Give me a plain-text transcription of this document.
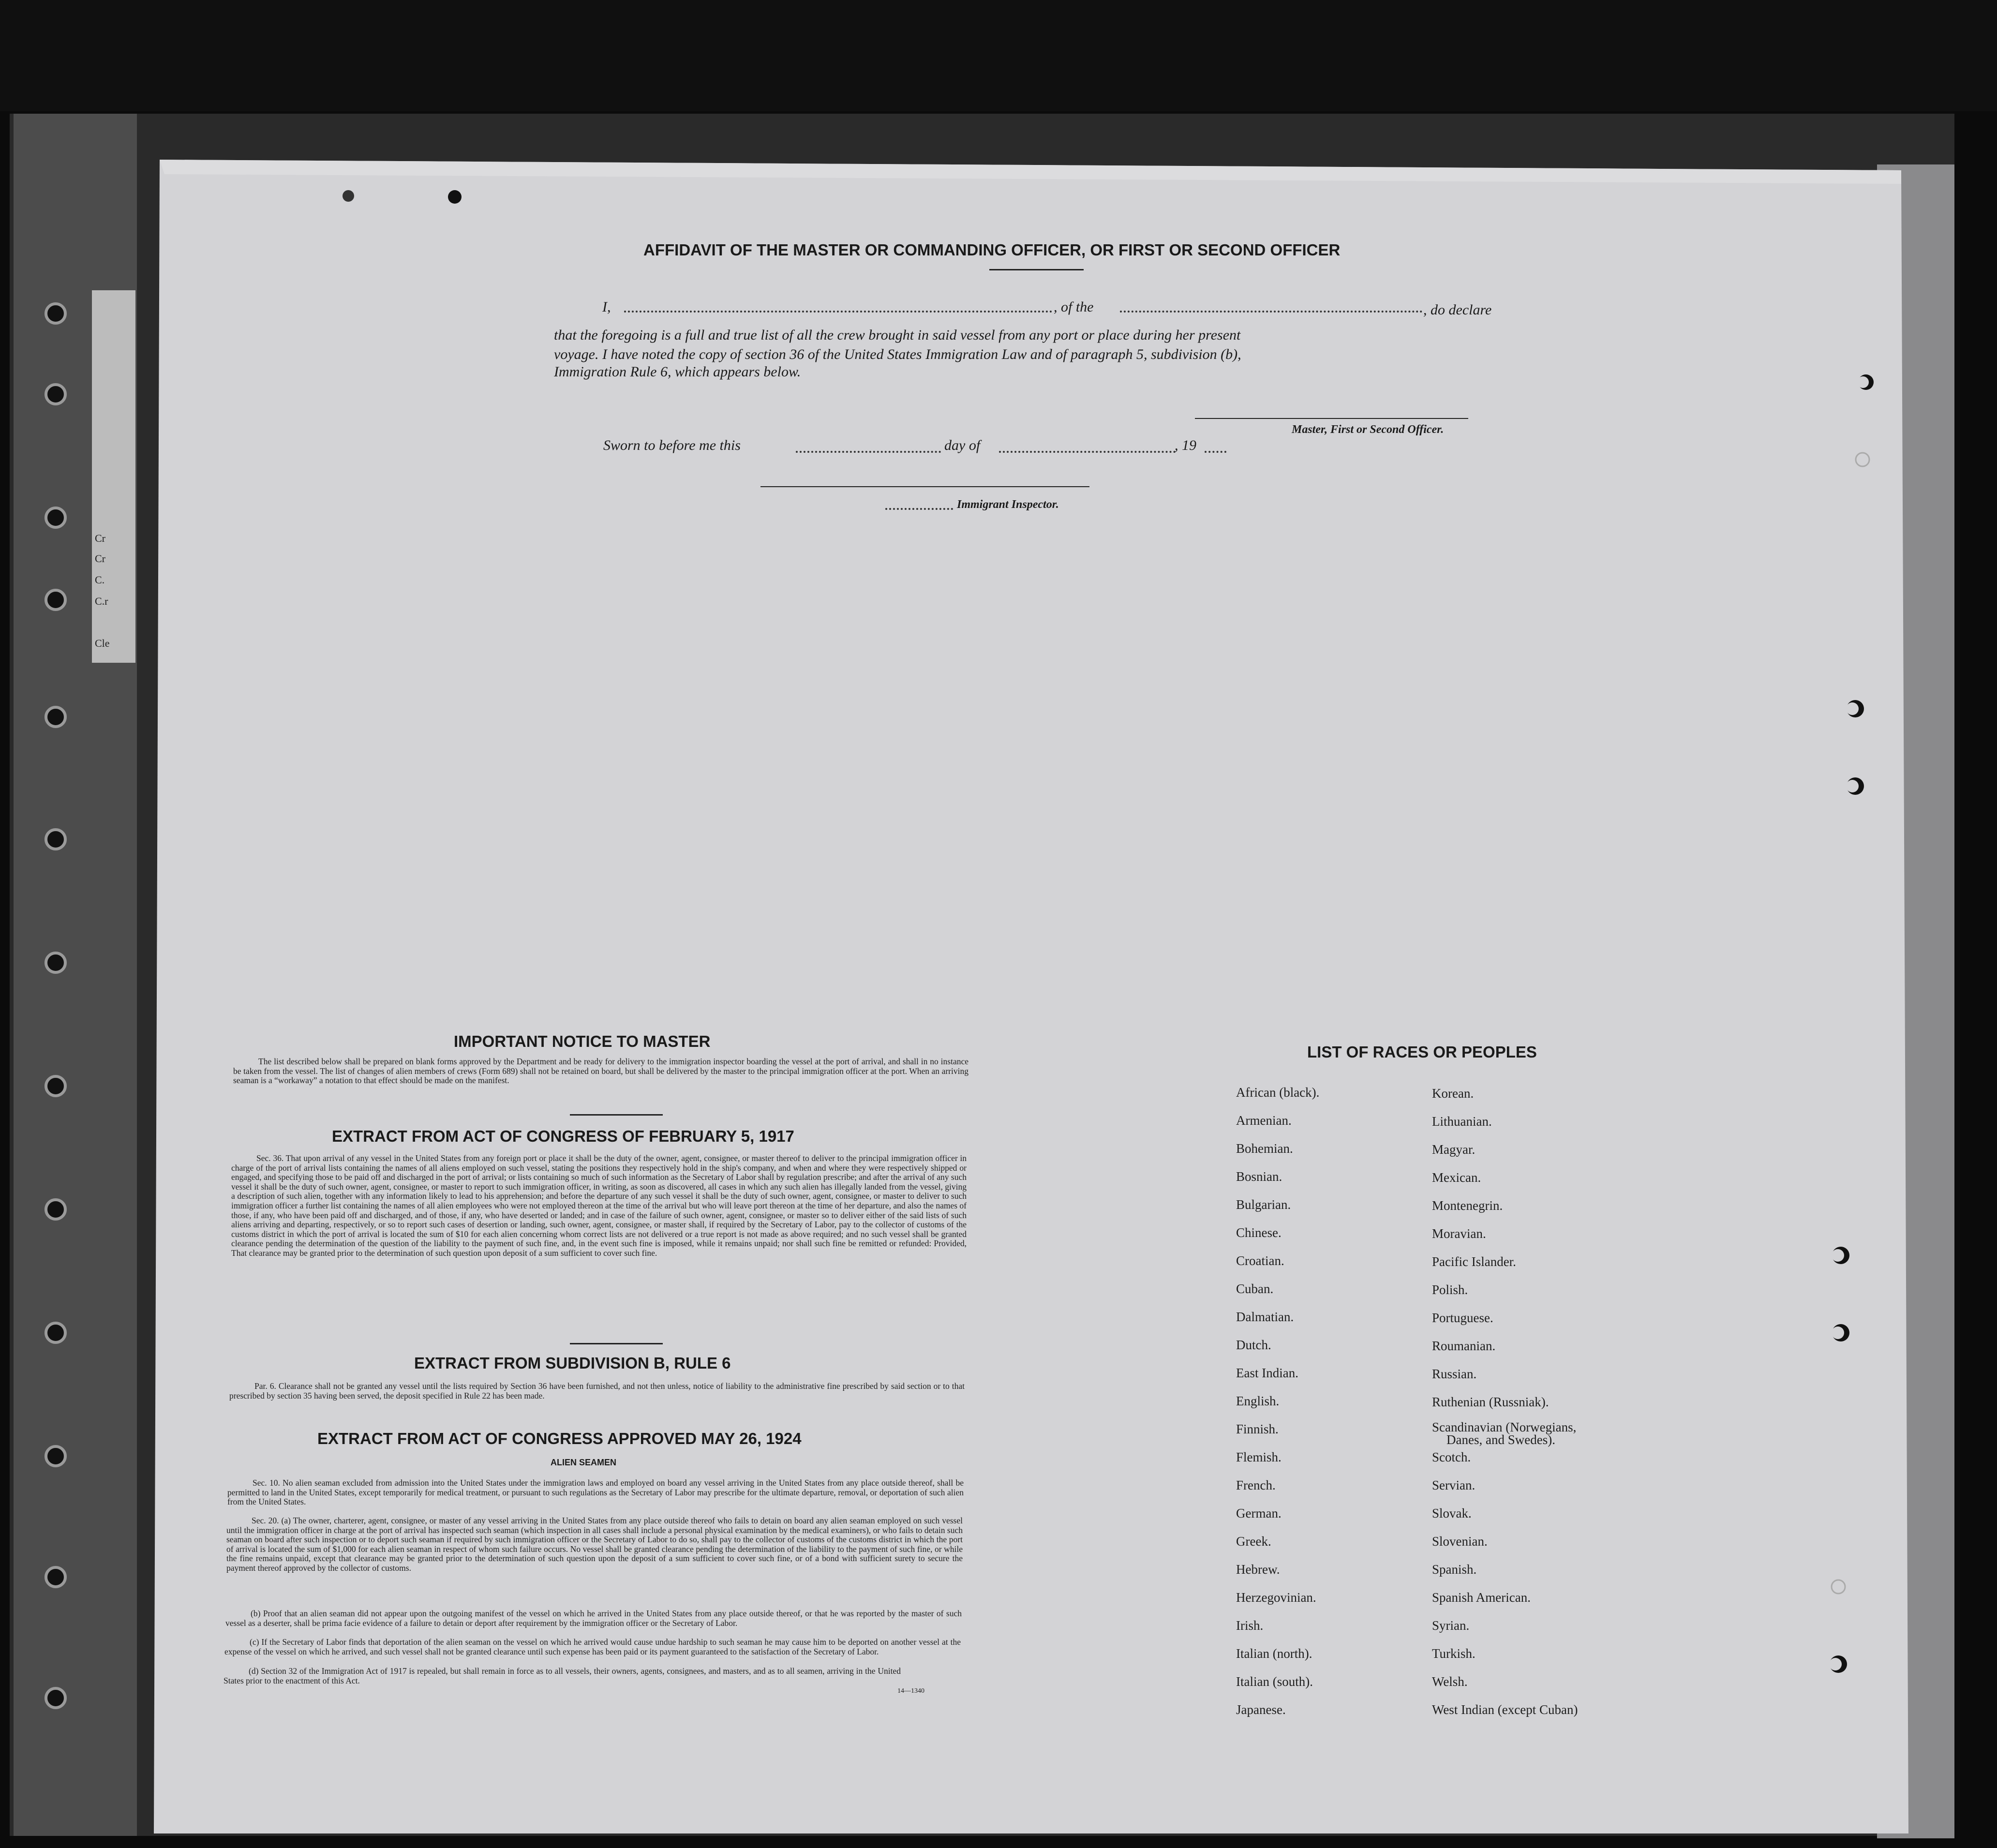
Cr
Cr
C.
C.r
Cle
AFFIDAVIT OF THE MASTER OR COMMANDING OFFICER, OR FIRST OR SECOND OFFICER
I,	, of the	, do declare
that the foregoing is a full and true list of all the crew brought in said vessel from any port or place during her present
voyage. I have noted the copy of section 36 of the United States Immigration Law and of paragraph 5, subdivision (b),
Immigration Rule 6, which appears below.
Master, First or Second Officer.
Sworn to before me this	day of	, 19
Immigrant Inspector.
IMPORTANT NOTICE TO MASTER
The list described below shall be prepared on blank forms approved by the Department and be ready for delivery to the immigration inspector boarding the vessel at the port of arrival, and shall in no instance be taken from the vessel. The list of changes of alien members of crews (Form 689) shall not be retained on board, but shall be delivered by the master to the principal immigration officer at the port. When an arriving seaman is a “workaway” a notation to that effect should be made on the manifest.
EXTRACT FROM ACT OF CONGRESS OF FEBRUARY 5, 1917
Sec. 36. That upon arrival of any vessel in the United States from any foreign port or place it shall be the duty of the owner, agent, consignee, or master thereof to deliver to the principal immigration officer in charge of the port of arrival lists containing the names of all aliens employed on such vessel, stating the positions they respectively hold in the ship's company, and when and where they were respectively shipped or engaged, and specifying those to be paid off and discharged in the port of arrival; or lists containing so much of such information as the Secretary of Labor shall by regulation prescribe; and after the arrival of any such vessel it shall be the duty of such owner, agent, consignee, or master to report to such immigration officer, in writing, as soon as discovered, all cases in which any such alien has illegally landed from the vessel, giving a description of such alien, together with any information likely to lead to his apprehension; and before the departure of any such vessel it shall be the duty of such owner, agent, consignee, or master to deliver to such immigration officer a further list containing the names of all alien employees who were not employed thereon at the time of the arrival but who will leave port thereon at the time of her departure, and also the names of those, if any, who have been paid off and discharged, and of those, if any, who have deserted or landed; and in case of the failure of such owner, agent, consignee, or master so to deliver either of the said lists of such aliens arriving and departing, respectively, or so to report such cases of desertion or landing, such owner, agent, consignee, or master shall, if required by the Secretary of Labor, pay to the collector of customs of the customs district in which the port of arrival is located the sum of $10 for each alien concerning whom correct lists are not delivered or a true report is not made as above required; and no such vessel shall be granted clearance pending the determination of the question of the liability to the payment of such fine, and, in the event such fine is imposed, while it remains unpaid; nor shall such fine be remitted or refunded: Provided, That clearance may be granted prior to the determination of such question upon deposit of a sum sufficient to cover such fine.
EXTRACT FROM SUBDIVISION B, RULE 6
Par. 6. Clearance shall not be granted any vessel until the lists required by Section 36 have been furnished, and not then unless, notice of liability to the administrative fine prescribed by said section or to that prescribed by section 35 having been served, the deposit specified in Rule 22 has been made.
EXTRACT FROM ACT OF CONGRESS APPROVED MAY 26, 1924
ALIEN SEAMEN
Sec. 10. No alien seaman excluded from admission into the United States under the immigration laws and employed on board any vessel arriving in the United States from any place outside thereof, shall be permitted to land in the United States, except temporarily for medical treatment, or pursuant to such regulations as the Secretary of Labor may prescribe for the ultimate departure, removal, or deportation of such alien from the United States.
Sec. 20. (a) The owner, charterer, agent, consignee, or master of any vessel arriving in the United States from any place outside thereof who fails to detain on board any alien seaman employed on such vessel until the immigration officer in charge at the port of arrival has inspected such seaman (which inspection in all cases shall include a personal physical examination by the medical examiners), or who fails to detain such seaman on board after such inspection or to deport such seaman if required by such immigration officer or the Secretary of Labor to do so, shall pay to the collector of customs of the customs district in which the port of arrival is located the sum of $1,000 for each alien seaman in respect of whom such failure occurs. No vessel shall be granted clearance pending the determination of the liability to the payment of such fine, or while the fine remains unpaid, except that clearance may be granted prior to the determination of such question upon the deposit of a sum sufficient to cover such fine, or of a bond with sufficient surety to secure the payment thereof approved by the collector of customs.
(b) Proof that an alien seaman did not appear upon the outgoing manifest of the vessel on which he arrived in the United States from any place outside thereof, or that he was reported by the master of such vessel as a deserter, shall be prima facie evidence of a failure to detain or deport after requirement by the immigration officer or the Secretary of Labor.
(c) If the Secretary of Labor finds that deportation of the alien seaman on the vessel on which he arrived would cause undue hardship to such seaman he may cause him to be deported on another vessel at the expense of the vessel on which he arrived, and such vessel shall not be granted clearance until such expense has been paid or its payment guaranteed to the satisfaction of the Secretary of Labor.
(d) Section 32 of the Immigration Act of 1917 is repealed, but shall remain in force as to all vessels, their owners, agents, consignees, and masters, and as to all seamen, arriving in the United States prior to the enactment of this Act.
14—1340
LIST OF RACES OR PEOPLES
African (black).
Armenian.
Bohemian.
Bosnian.
Bulgarian.
Chinese.
Croatian.
Cuban.
Dalmatian.
Dutch.
East Indian.
English.
Finnish.
Flemish.
French.
German.
Greek.
Hebrew.
Herzegovinian.
Irish.
Italian (north).
Italian (south).
Japanese.
Korean.
Lithuanian.
Magyar.
Mexican.
Montenegrin.
Moravian.
Pacific Islander.
Polish.
Portuguese.
Roumanian.
Russian.
Ruthenian (Russniak).
Scandinavian (Norwegians,
Danes, and Swedes).
Scotch.
Servian.
Slovak.
Slovenian.
Spanish.
Spanish American.
Syrian.
Turkish.
Welsh.
West Indian (except Cuban)
